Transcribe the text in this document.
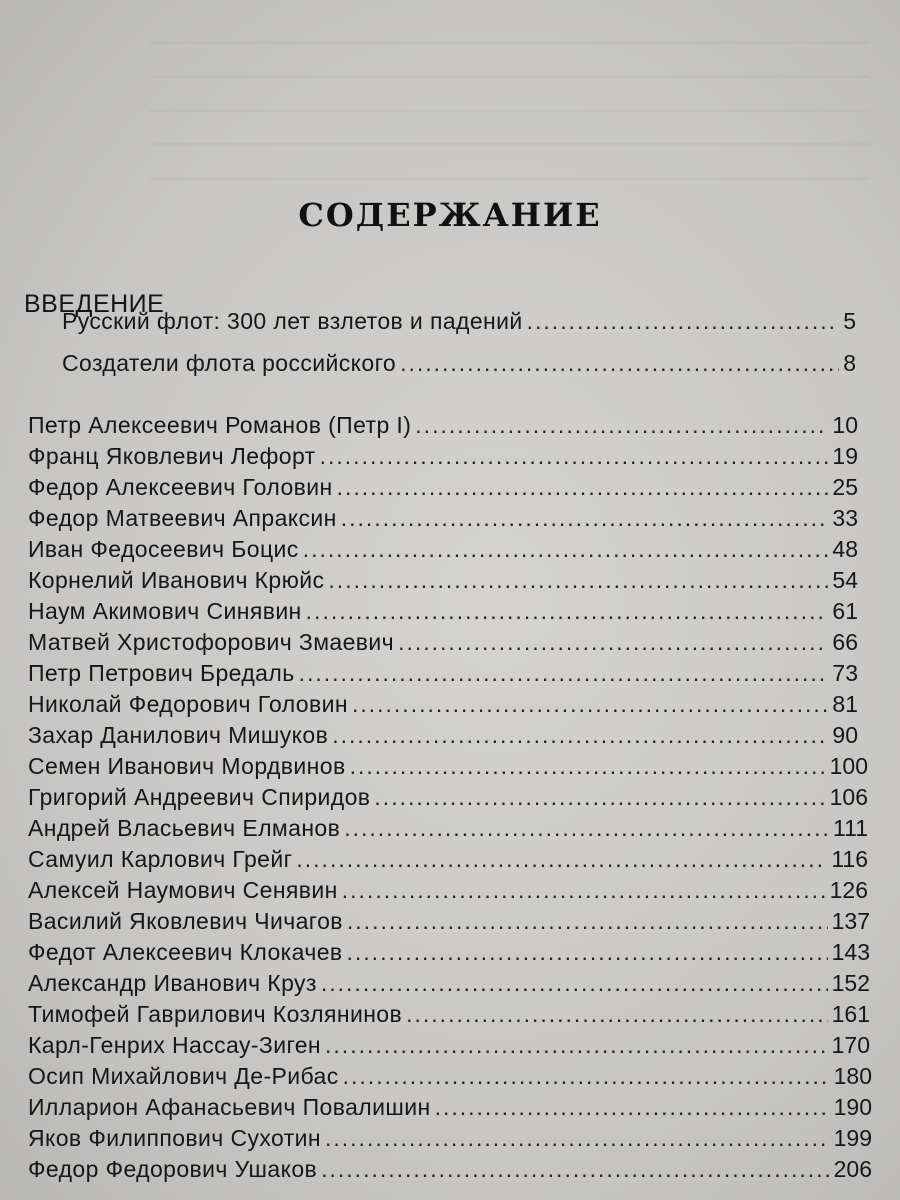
СОДЕРЖАНИЕ
ВВЕДЕНИЕ
Русский флот: 300 лет взлетов и падений .....	5
Создатели флота российского .....	8
Петр Алексеевич Романов (Петр I) .....	10
Франц Яковлевич Лефорт .....	19
Федор Алексеевич Головин .....	25
Федор Матвеевич Апраксин .....	33
Иван Федосеевич Боцис .....	48
Корнелий Иванович Крюйс .....	54
Наум Акимович Синявин .....	61
Матвей Христофорович Змаевич .....	66
Петр Петрович Бредаль .....	73
Николай Федорович Головин .....	81
Захар Данилович Мишуков .....	90
Семен Иванович Мордвинов .....	100
Григорий Андреевич Спиридов .....	106
Андрей Власьевич Елманов .....	111
Самуил Карлович Грейг .....	116
Алексей Наумович Сенявин .....	126
Василий Яковлевич Чичагов .....	137
Федот Алексеевич Клокачев .....	143
Александр Иванович Круз .....	152
Тимофей Гаврилович Козлянинов .....	161
Карл-Генрих Нассау-Зиген .....	170
Осип Михайлович Де-Рибас .....	180
Илларион Афанасьевич Повалишин .....	190
Яков Филиппович Сухотин .....	199
Федор Федорович Ушаков .....	206
